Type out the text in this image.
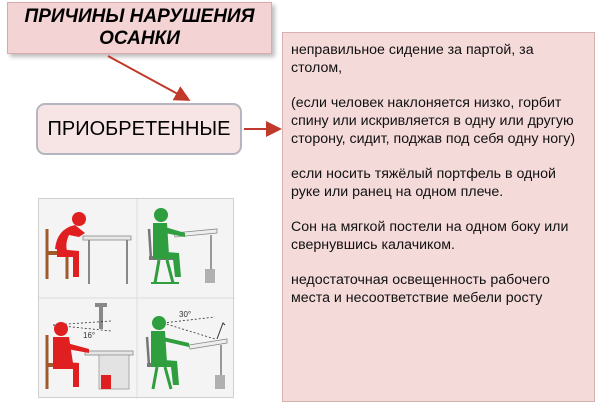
ПРИЧИНЫ НАРУШЕНИЯ
ОСАНКИ
ПРИОБРЕТЕННЫЕ

неправильное сидение за партой, за столом,

(если человек наклоняется низко, горбит спину или искривляется в одну или другую сторону, сидит, поджав под себя одну ногу)

если носить тяжёлый портфель в одной руке или ранец на одном плече.

Сон на мягкой постели на одном боку или свернувшись калачиком.

недостаточная освещенность рабочего места и несоответствие мебели росту

16°
30°
